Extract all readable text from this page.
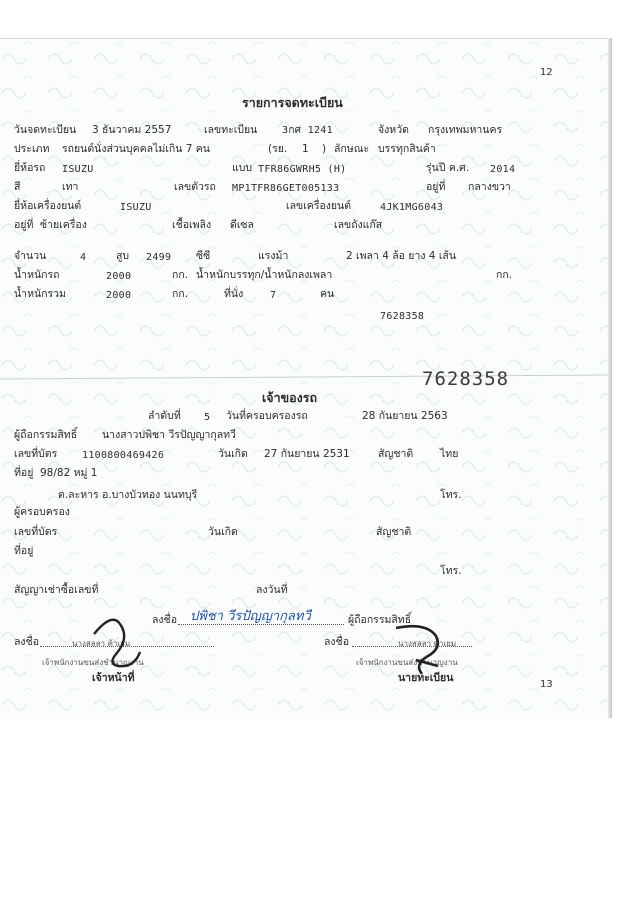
12
รายการจดทะเบียน
วันจดทะเบียน 3 ธันวาคม 2557	เลขทะเบียน 3กศ 1241	จังหวัด กรุงเทพมหานคร
ประเภท รถยนต์นั่งส่วนบุคคลไม่เกิน 7 คน	(รย. 1 ) ลักษณะ บรรทุกสินค้า
ยี่ห้อรถ ISUZU	แบบ TFR86GWRH5 (H)	รุ่นปี ค.ศ. 2014
สี	เทา	เลขตัวรถ MP1TFR86GET005133	อยู่ที่ กลางขวา
ยี่ห้อเครื่องยนต์	ISUZU	เลขเครื่องยนต์	4JK1MG6043
อยู่ที่ ซ้ายเครื่อง	เชื้อเพลิง ดีเซล	เลขถังแก๊ส
จำนวน	4	สูบ 2499 ซีซี	แรงม้า	2 เพลา 4 ล้อ ยาง 4 เส้น
น้ำหนักรถ	2000	กก. น้ำหนักบรรทุก/น้ำหนักลงเพลา	กก.
น้ำหนักรวม	2000	กก.	ที่นั่ง	7	คน
7628358
7628358
เจ้าของรถ
ลำดับที่ 5 วันที่ครอบครองรถ	28 กันยายน 2563
ผู้ถือกรรมสิทธิ์ นางสาวปพิชา วีรปัญญากุลทวี
เลขที่บัตร 1100800469426	วันเกิด 27 กันยายน 2531	สัญชาติ	ไทย
ที่อยู่ 98/82 หมู่ 1
ต.ละหาร อ.บางบัวทอง นนทบุรี	โทร.
ผู้ครอบครอง
เลขที่บัตร	วันเกิด	สัญชาติ
ที่อยู่
โทร.
สัญญาเช่าซื้อเลขที่	ลงวันที่
ลงชื่อ ปพิชา วีรปัญญากุลทวี	ผู้ถือกรรมสิทธิ์
ลงชื่อ	นางสลลา ค้าเยม
เจ้าพนักงานขนส่งชำนาญงาน
เจ้าหน้าที่
ลงชื่อ	นางสลลา ค้าเยม
เจ้าพนักงานขนส่งชำนาญงาน
นายทะเบียน
13
